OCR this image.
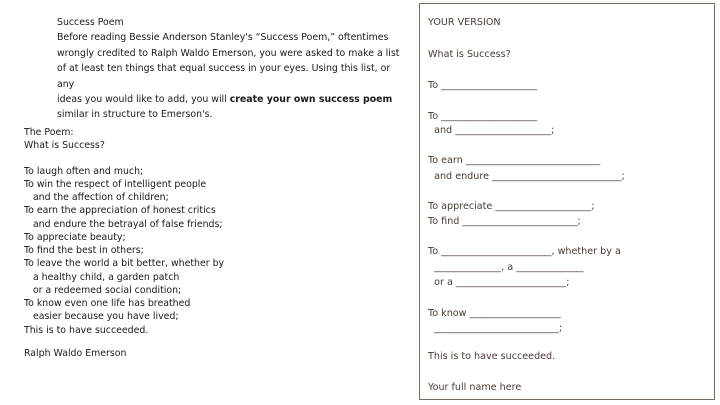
Success Poem
Before reading Bessie Anderson Stanley's “Success Poem,” oftentimes
wrongly credited to Ralph Waldo Emerson, you were asked to make a list
of at least ten things that equal success in your eyes. Using this list, or any
ideas you would like to add, you will create your own success poem
similar in structure to Emerson's.
The Poem:
What is Success?
To laugh often and much;
To win the respect of intelligent people
and the affection of children;
To earn the appreciation of honest critics
and endure the betrayal of false friends;
To appreciate beauty;
To find the best in others;
To leave the world a bit better, whether by
a healthy child, a garden patch
or a redeemed social condition;
To know even one life has breathed
easier because you have lived;
This is to have succeeded.
Ralph Waldo Emerson
YOUR VERSION
What is Success?
To ____________________
To ____________________
and ____________________;
To earn ____________________________
and endure ___________________________;
To appreciate ____________________;
To find ________________________;
To _______________________, whether by a
______________, a ______________
or a _______________________;
To know ___________________
__________________________;
This is to have succeeded.
Your full name here
